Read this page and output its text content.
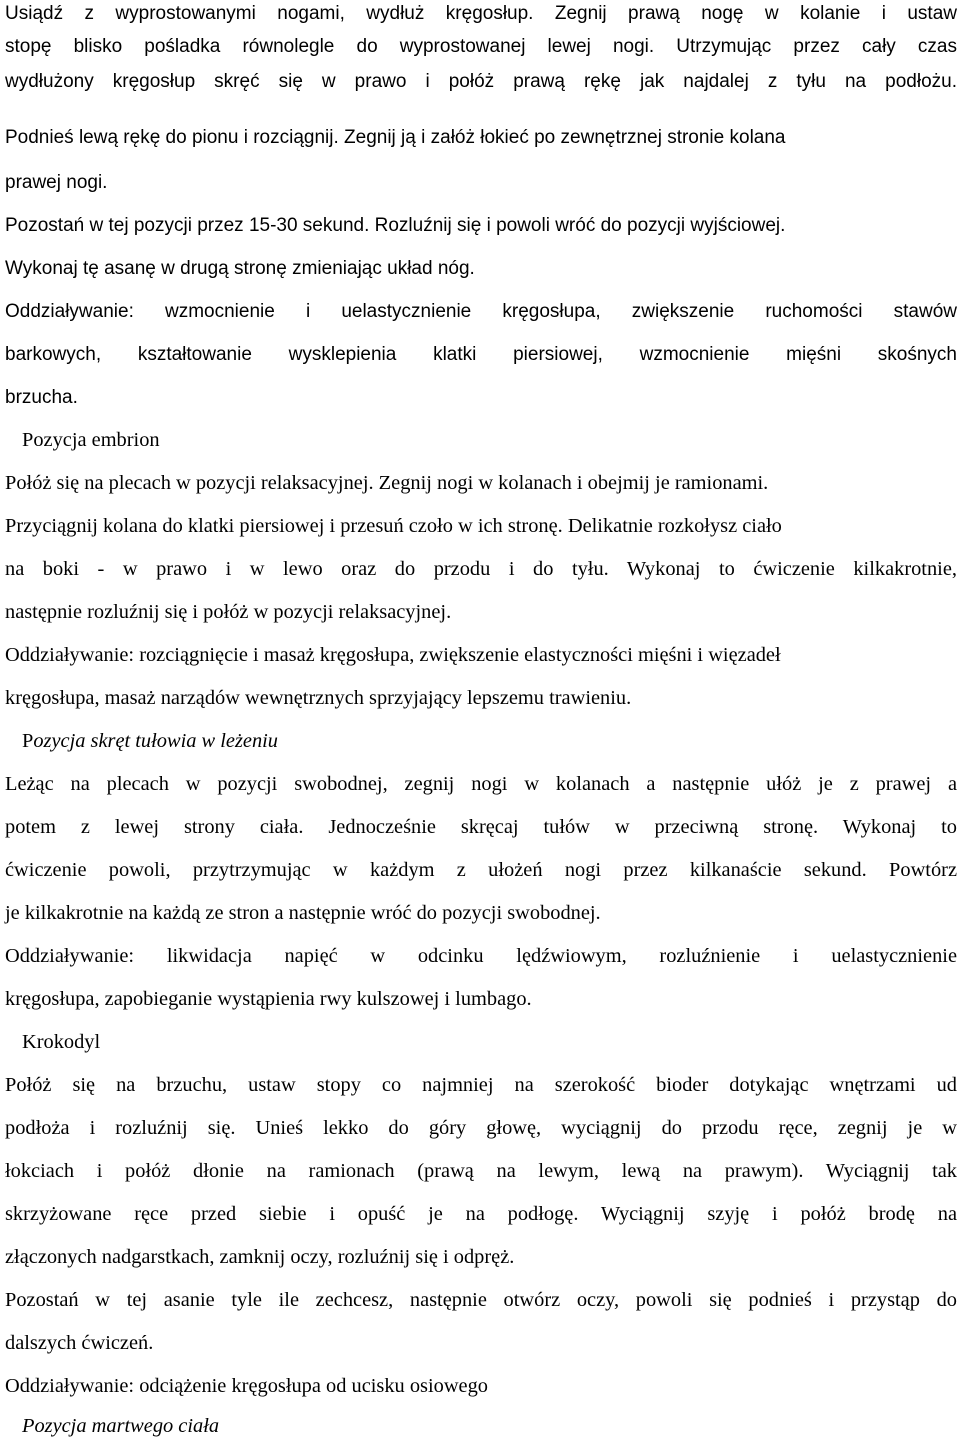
Usiądź z wyprostowanymi nogami, wydłuż kręgosłup. Zegnij prawą nogę w kolanie i ustaw
stopę blisko pośladka równolegle do wyprostowanej lewej nogi. Utrzymując przez cały czas
wydłużony kręgosłup skręć się w prawo i połóż prawą rękę jak najdalej z tyłu na podłożu.
Podnieś lewą rękę do pionu i rozciągnij. Zegnij ją i załóż łokieć po zewnętrznej stronie kolana
prawej nogi.
Pozostań w tej pozycji przez 15-30 sekund. Rozluźnij się i powoli wróć do pozycji wyjściowej.
Wykonaj tę asanę w drugą stronę zmieniając układ nóg.
Oddziaływanie: wzmocnienie i uelastycznienie kręgosłupa, zwiększenie ruchomości stawów
barkowych, kształtowanie wysklepienia klatki piersiowej, wzmocnienie mięśni skośnych
brzucha.
Pozycja embrion
Połóż się na plecach w pozycji relaksacyjnej. Zegnij nogi w kolanach i obejmij je ramionami.
Przyciągnij kolana do klatki piersiowej i przesuń czoło w ich stronę. Delikatnie rozkołysz ciało
na boki - w prawo i w lewo oraz do przodu i do tyłu. Wykonaj to ćwiczenie kilkakrotnie,
następnie rozluźnij się i połóż w pozycji relaksacyjnej.
Oddziaływanie: rozciągnięcie i masaż kręgosłupa, zwiększenie elastyczności mięśni i więzadeł
kręgosłupa, masaż narządów wewnętrznych sprzyjający lepszemu trawieniu.
Pozycja skręt tułowia w leżeniu
Leżąc na plecach w pozycji swobodnej, zegnij nogi w kolanach a następnie ułóż je z prawej a
potem z lewej strony ciała. Jednocześnie skręcaj tułów w przeciwną stronę. Wykonaj to
ćwiczenie powoli, przytrzymując w każdym z ułożeń nogi przez kilkanaście sekund. Powtórz
je kilkakrotnie na każdą ze stron a następnie wróć do pozycji swobodnej.
Oddziaływanie: likwidacja napięć w odcinku lędźwiowym, rozluźnienie i uelastycznienie
kręgosłupa, zapobieganie wystąpienia rwy kulszowej i lumbago.
Krokodyl
Połóż się na brzuchu, ustaw stopy co najmniej na szerokość bioder dotykając wnętrzami ud
podłoża i rozluźnij się. Unieś lekko do góry głowę, wyciągnij do przodu ręce, zegnij je w
łokciach i połóż dłonie na ramionach (prawą na lewym, lewą na prawym). Wyciągnij tak
skrzyżowane ręce przed siebie i opuść je na podłogę. Wyciągnij szyję i połóż brodę na
złączonych nadgarstkach, zamknij oczy, rozluźnij się i odpręż.
Pozostań w tej asanie tyle ile zechcesz, następnie otwórz oczy, powoli się podnieś i przystąp do
dalszych ćwiczeń.
Oddziaływanie: odciążenie kręgosłupa od ucisku osiowego
Pozycja martwego ciała
